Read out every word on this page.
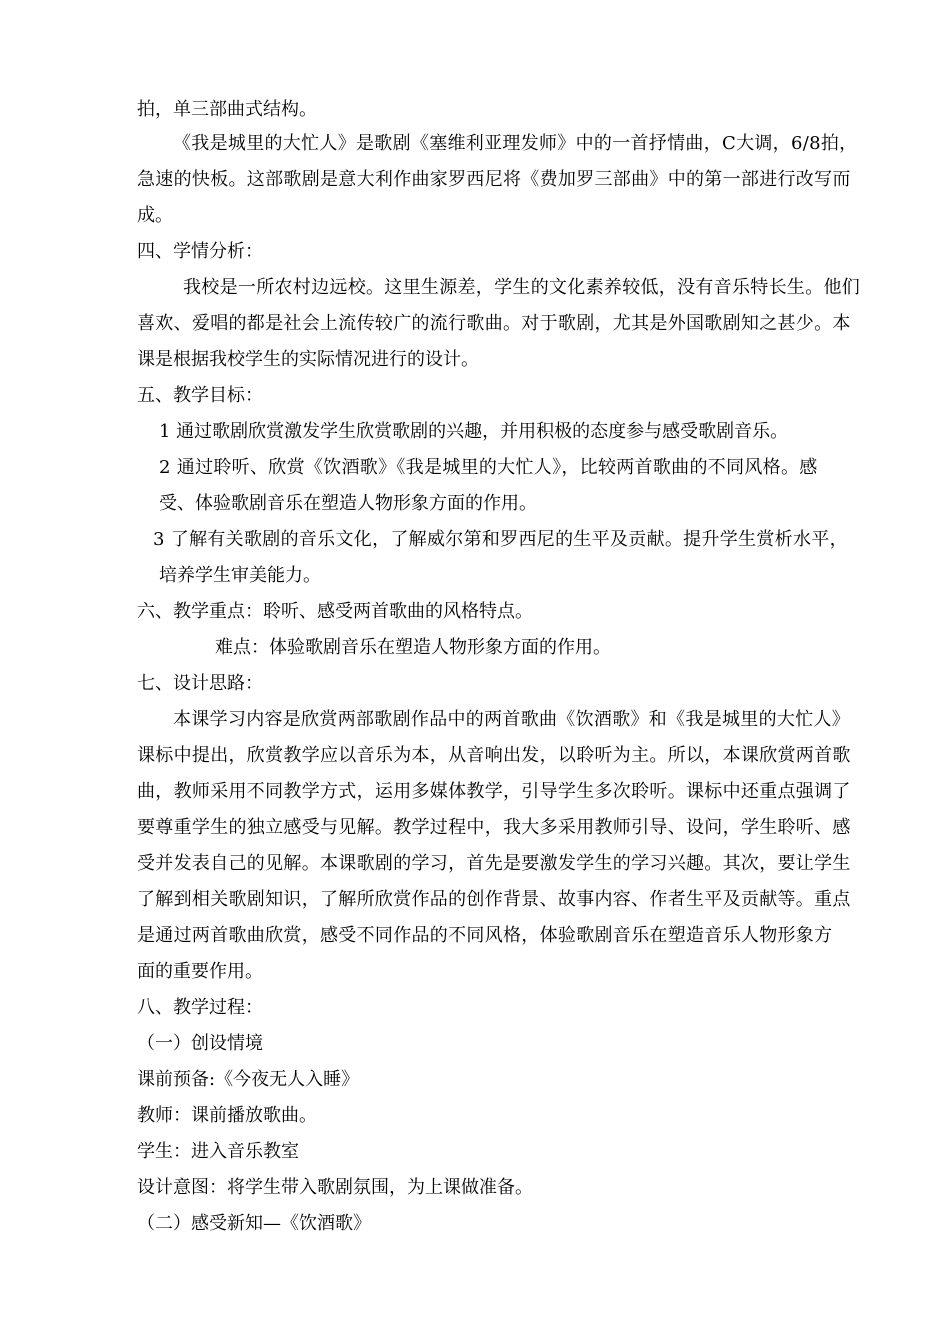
拍，单三部曲式结构。
《我是城里的大忙人》是歌剧《塞维利亚理发师》中的一首抒情曲，C大调，6/8拍，
急速的快板。这部歌剧是意大利作曲家罗西尼将《费加罗三部曲》中的第一部进行改写而
成。
四、学情分析：
我校是一所农村边远校。这里生源差，学生的文化素养较低，没有音乐特长生。他们
喜欢、爱唱的都是社会上流传较广的流行歌曲。对于歌剧，尤其是外国歌剧知之甚少。本
课是根据我校学生的实际情况进行的设计。
五、教学目标：
1 通过歌剧欣赏激发学生欣赏歌剧的兴趣，并用积极的态度参与感受歌剧音乐。
2 通过聆听、欣赏《饮酒歌》《我是城里的大忙人》，比较两首歌曲的不同风格。感
受、体验歌剧音乐在塑造人物形象方面的作用。
3 了解有关歌剧的音乐文化，了解威尔第和罗西尼的生平及贡献。提升学生赏析水平，
培养学生审美能力。
六、教学重点：聆听、感受两首歌曲的风格特点。
难点：体验歌剧音乐在塑造人物形象方面的作用。
七、设计思路：
本课学习内容是欣赏两部歌剧作品中的两首歌曲《饮酒歌》和《我是城里的大忙人》
课标中提出，欣赏教学应以音乐为本，从音响出发，以聆听为主。所以，本课欣赏两首歌
曲，教师采用不同教学方式，运用多媒体教学，引导学生多次聆听。课标中还重点强调了
要尊重学生的独立感受与见解。教学过程中，我大多采用教师引导、设问，学生聆听、感
受并发表自己的见解。本课歌剧的学习，首先是要激发学生的学习兴趣。其次，要让学生
了解到相关歌剧知识，了解所欣赏作品的创作背景、故事内容、作者生平及贡献等。重点
是通过两首歌曲欣赏，感受不同作品的不同风格，体验歌剧音乐在塑造音乐人物形象方
面的重要作用。
八、教学过程：
（一）创设情境
课前预备:《今夜无人入睡》
教师：课前播放歌曲。
学生：进入音乐教室
设计意图：将学生带入歌剧氛围，为上课做准备。
（二）感受新知—《饮酒歌》
